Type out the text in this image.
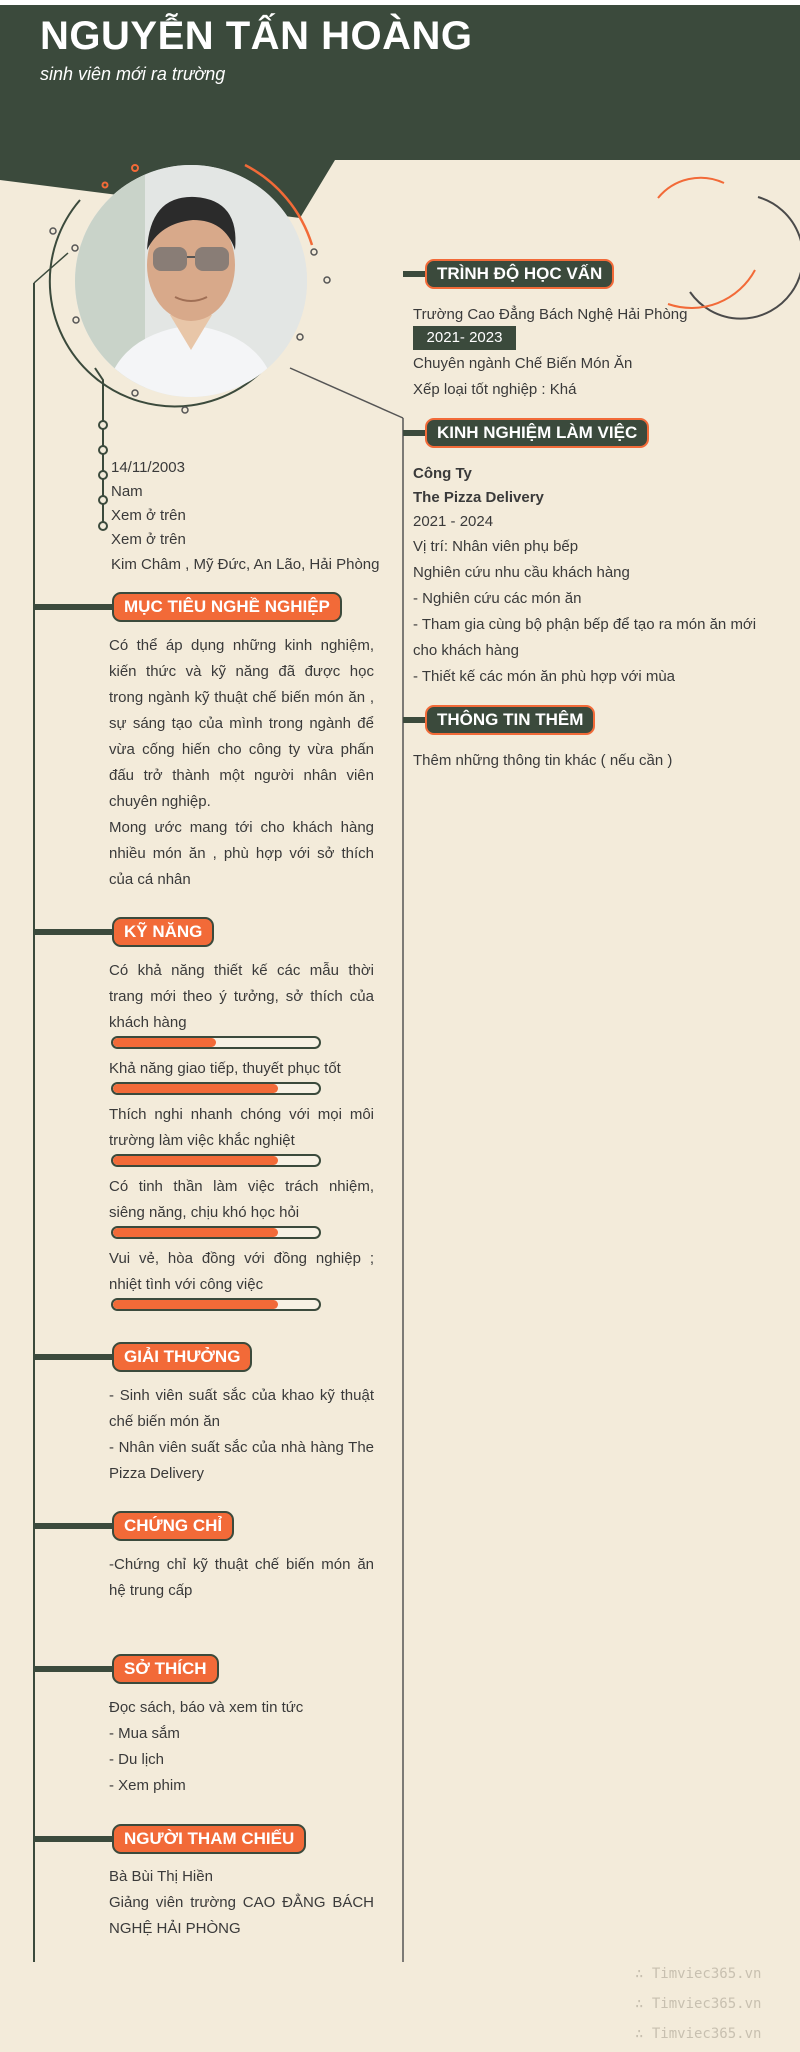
NGUYỄN TẤN HOÀNG
sinh viên mới ra trường
14/11/2003
Nam
Xem ở trên
Xem ở trên
Kim Châm , Mỹ Đức, An Lão, Hải Phòng
MỤC TIÊU NGHỀ NGHIỆP
Có thể áp dụng những kinh nghiệm, kiến thức và kỹ năng đã được học trong ngành kỹ thuật chế biến món ăn , sự sáng tạo của mình trong ngành để vừa cống hiến cho công ty vừa phấn đấu trở thành một người nhân viên chuyên nghiệp.
Mong ước mang tới cho khách hàng nhiều món ăn , phù hợp với sở thích của cá nhân
KỸ NĂNG
Có khả năng thiết kế các mẫu thời trang mới theo ý tưởng, sở thích của khách hàng
Khả năng giao tiếp, thuyết phục tốt
Thích nghi nhanh chóng với mọi môi trường làm việc khắc nghiệt
Có tinh thần làm việc trách nhiệm, siêng năng, chịu khó học hỏi
Vui vẻ, hòa đồng với đồng nghiệp ; nhiệt tình với công việc
GIẢI THƯỞNG
- Sinh viên suất sắc của khao kỹ thuật chế biến món ăn
- Nhân viên suất sắc của nhà hàng The Pizza Delivery
CHỨNG CHỈ
-Chứng chỉ kỹ thuật chế biến món ăn hệ trung cấp
SỞ THÍCH
Đọc sách, báo và xem tin tức
- Mua sắm
- Du lịch
- Xem phim
NGƯỜI THAM CHIẾU
Bà Bùi Thị Hiền
Giảng viên trường CAO ĐẲNG BÁCH NGHỆ HẢI PHÒNG
TRÌNH ĐỘ HỌC VẤN
Trường Cao Đẳng Bách Nghệ Hải Phòng
2021- 2023
Chuyên ngành Chế Biến Món Ăn
Xếp loại tốt nghiệp : Khá
KINH NGHIỆM LÀM VIỆC
Công Ty
The Pizza Delivery
2021 - 2024
Vị trí: Nhân viên phụ bếp
Nghiên cứu nhu cầu khách hàng
- Nghiên cứu các món ăn
- Tham gia cùng bộ phận bếp để tạo ra món ăn mới
cho khách hàng
- Thiết kế các món ăn phù hợp với mùa
THÔNG TIN THÊM
Thêm những thông tin khác ( nếu cần )
∴ Timviec365.vn
∴ Timviec365.vn
∴ Timviec365.vn
